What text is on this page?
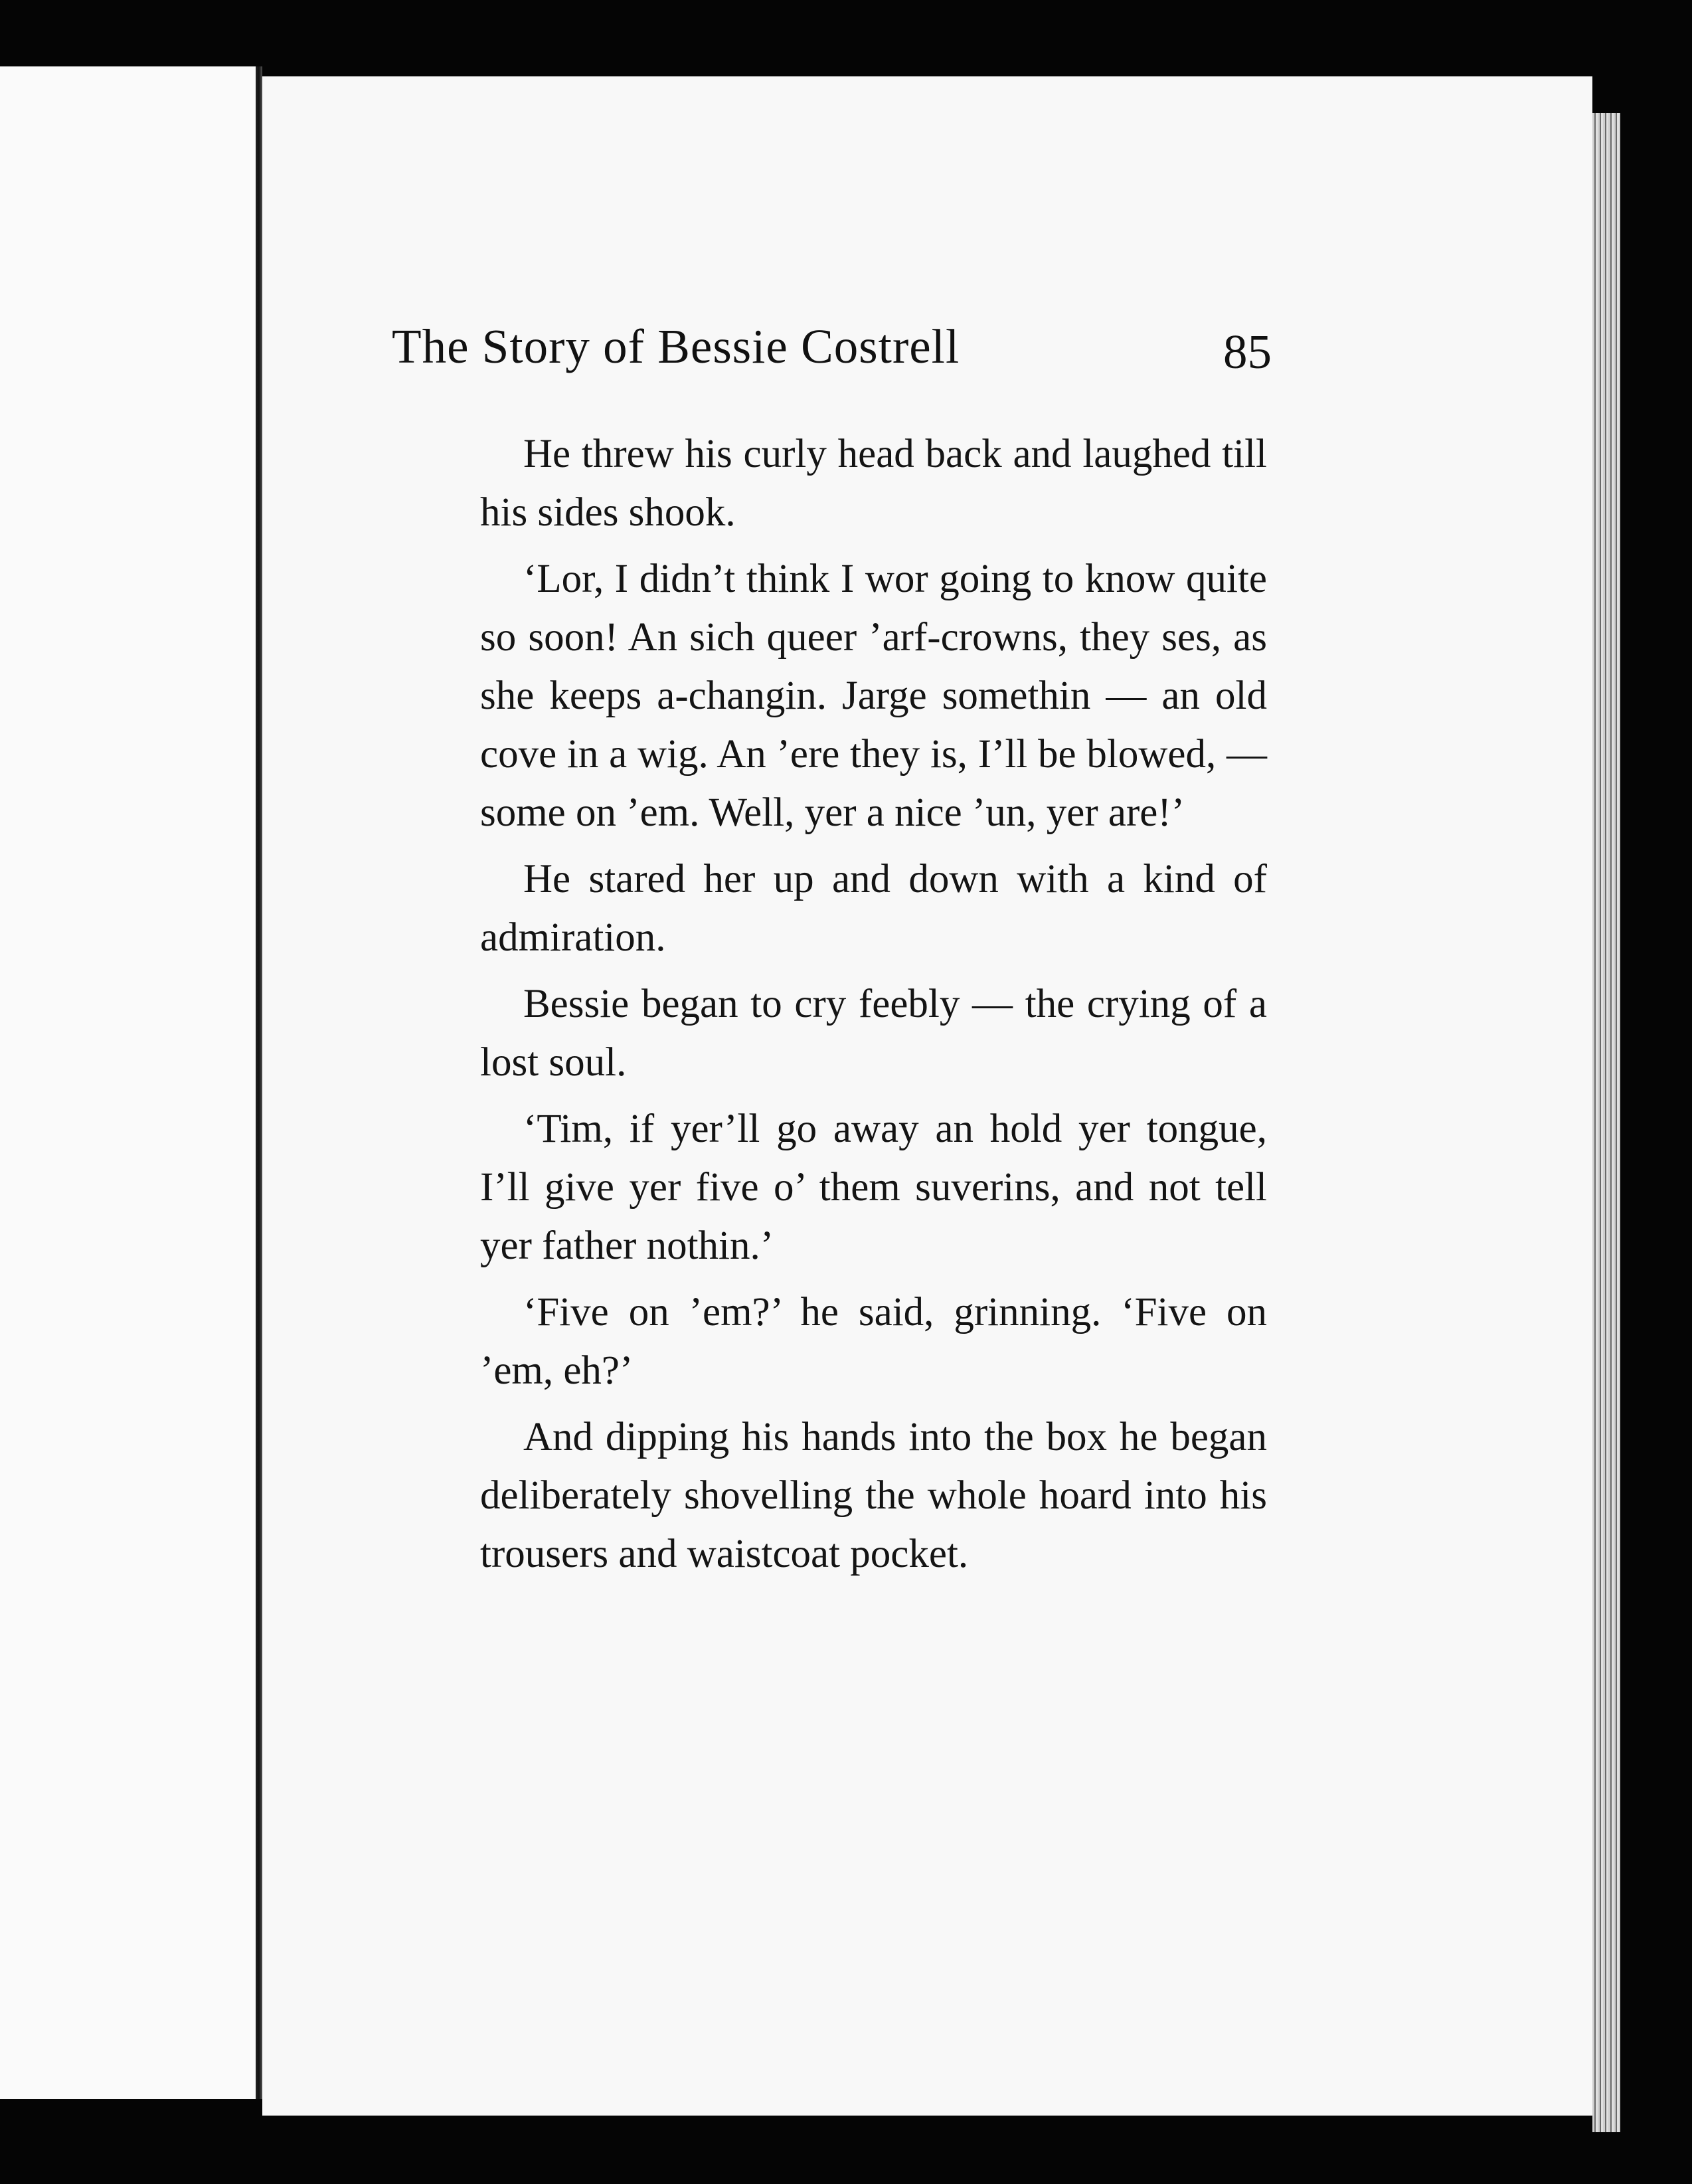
The Story of Bessie Costrell	85

He threw his curly head back and laughed till his sides shook.

‘Lor, I didn’t think I wor going to know quite so soon! An sich queer ’arf-crowns, they ses, as she keeps a-changin. Jarge somethin — an old cove in a wig. An ’ere they is, I’ll be blowed, — some on ’em. Well, yer a nice ’un, yer are!’

He stared her up and down with a kind of admiration.

Bessie began to cry feebly — the crying of a lost soul.

‘Tim, if yer’ll go away an hold yer tongue, I’ll give yer five o’ them suverins, and not tell yer father nothin.’

‘Five on ’em?’ he said, grinning. ‘Five on ’em, eh?’

And dipping his hands into the box he began deliberately shovelling the whole hoard into his trousers and waistcoat pocket.
